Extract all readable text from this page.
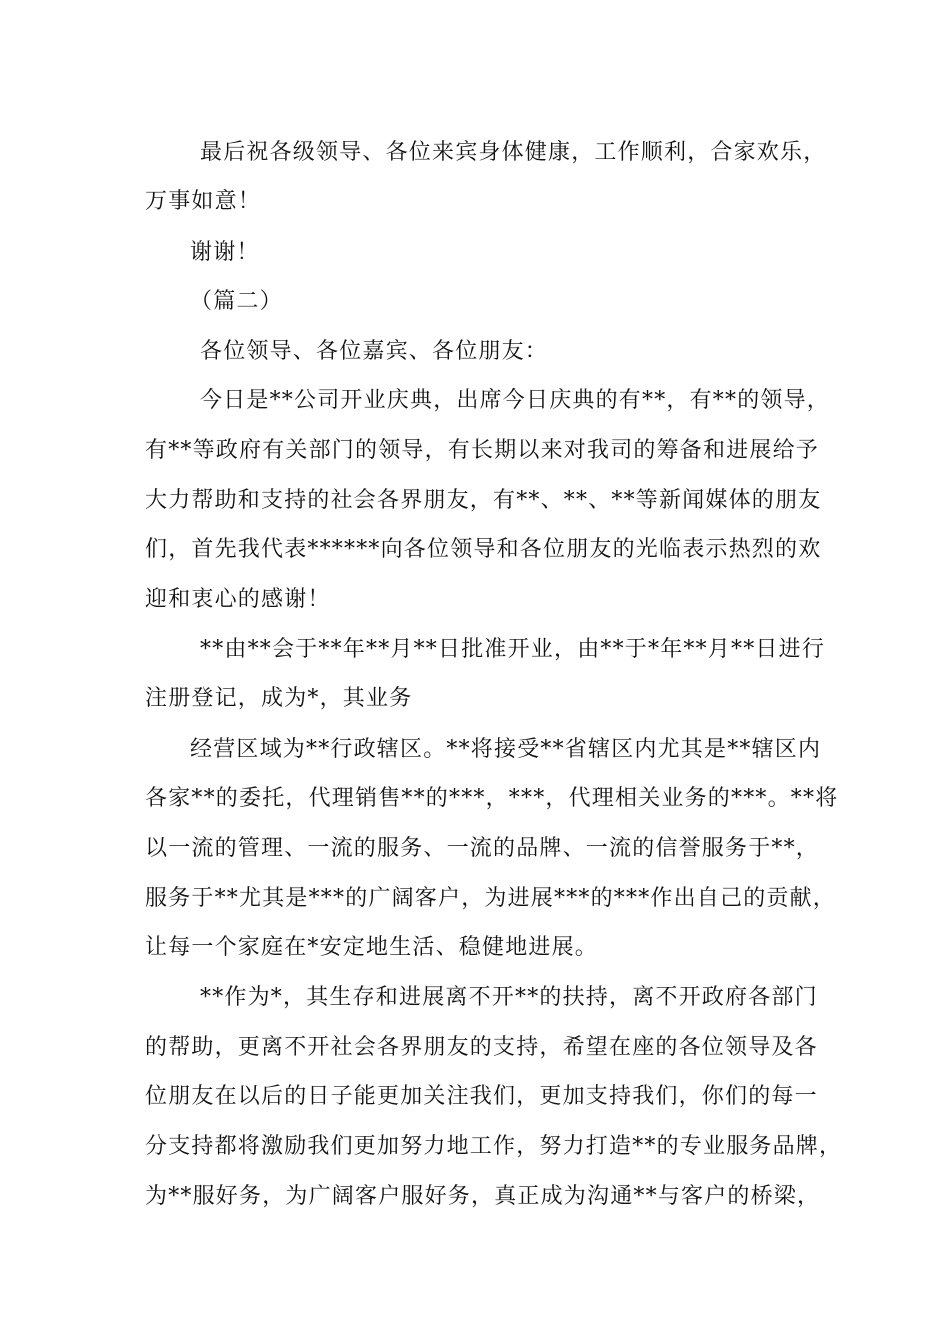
最后祝各级领导、各位来宾身体健康，工作顺利，合家欢乐，
万事如意！
谢谢！
（篇二）
各位领导、各位嘉宾、各位朋友：
今日是**公司开业庆典，出席今日庆典的有**，有**的领导，
有**等政府有关部门的领导，有长期以来对我司的筹备和进展给予
大力帮助和支持的社会各界朋友，有**、**、**等新闻媒体的朋友
们，首先我代表******向各位领导和各位朋友的光临表示热烈的欢
迎和衷心的感谢！
**由**会于**年**月**日批准开业，由**于*年**月**日进行
注册登记，成为*，其业务
经营区域为**行政辖区。**将接受**省辖区内尤其是**辖区内
各家**的委托，代理销售**的***，***，代理相关业务的***。**将
以一流的管理、一流的服务、一流的品牌、一流的信誉服务于**，
服务于**尤其是***的广阔客户，为进展***的***作出自己的贡献，
让每一个家庭在*安定地生活、稳健地进展。
**作为*，其生存和进展离不开**的扶持，离不开政府各部门
的帮助，更离不开社会各界朋友的支持，希望在座的各位领导及各
位朋友在以后的日子能更加关注我们，更加支持我们，你们的每一
分支持都将激励我们更加努力地工作，努力打造**的专业服务品牌，
为**服好务，为广阔客户服好务，真正成为沟通**与客户的桥梁，
